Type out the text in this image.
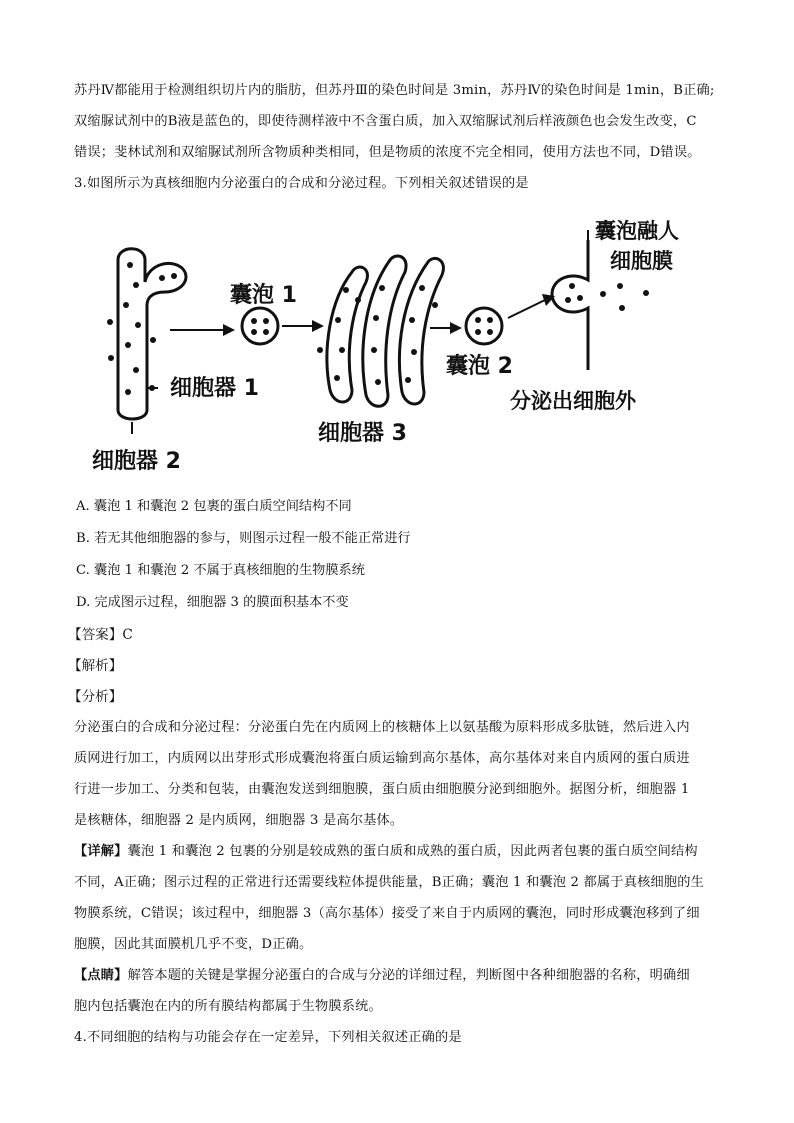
苏丹Ⅳ都能用于检测组织切片内的脂肪，但苏丹Ⅲ的染色时间是 3min，苏丹Ⅳ的染色时间是 1min，B正确;
双缩脲试剂中的B液是蓝色的，即使待测样液中不含蛋白质，加入双缩脲试剂后样液颜色也会发生改变，C
错误；斐林试剂和双缩脲试剂所含物质种类相同，但是物质的浓度不完全相同，使用方法也不同，D错误。
3.如图所示为真核细胞内分泌蛋白的合成和分泌过程。下列相关叙述错误的是
囊泡 1
细胞器 3
囊泡 2
囊泡融人
细胞膜
分泌出细胞外
细胞器 1
细胞器 2
A. 囊泡 1 和囊泡 2 包裹的蛋白质空间结构不同
B. 若无其他细胞器的参与，则图示过程一般不能正常进行
C. 囊泡 1 和囊泡 2 不属于真核细胞的生物膜系统
D. 完成图示过程，细胞器 3 的膜面积基本不变
【答案】C
【解析】
【分析】
分泌蛋白的合成和分泌过程：分泌蛋白先在内质网上的核糖体上以氨基酸为原料形成多肽链，然后进入内
质网进行加工，内质网以出芽形式形成囊泡将蛋白质运输到高尔基体，高尔基体对来自内质网的蛋白质进
行进一步加工、分类和包装，由囊泡发送到细胞膜，蛋白质由细胞膜分泌到细胞外。据图分析，细胞器 1
是核糖体，细胞器 2 是内质网，细胞器 3 是高尔基体。
【详解】囊泡 1 和囊泡 2 包裹的分别是较成熟的蛋白质和成熟的蛋白质，因此两者包裹的蛋白质空间结构
不同，A正确；图示过程的正常进行还需要线粒体提供能量，B正确；囊泡 1 和囊泡 2 都属于真核细胞的生
物膜系统，C错误；该过程中，细胞器 3（高尔基体）接受了来自于内质网的囊泡，同时形成囊泡移到了细
胞膜，因此其面膜机几乎不变，D正确。
【点睛】解答本题的关键是掌握分泌蛋白的合成与分泌的详细过程，判断图中各种细胞器的名称，明确细
胞内包括囊泡在内的所有膜结构都属于生物膜系统。
4.不同细胞的结构与功能会存在一定差异，下列相关叙述正确的是
